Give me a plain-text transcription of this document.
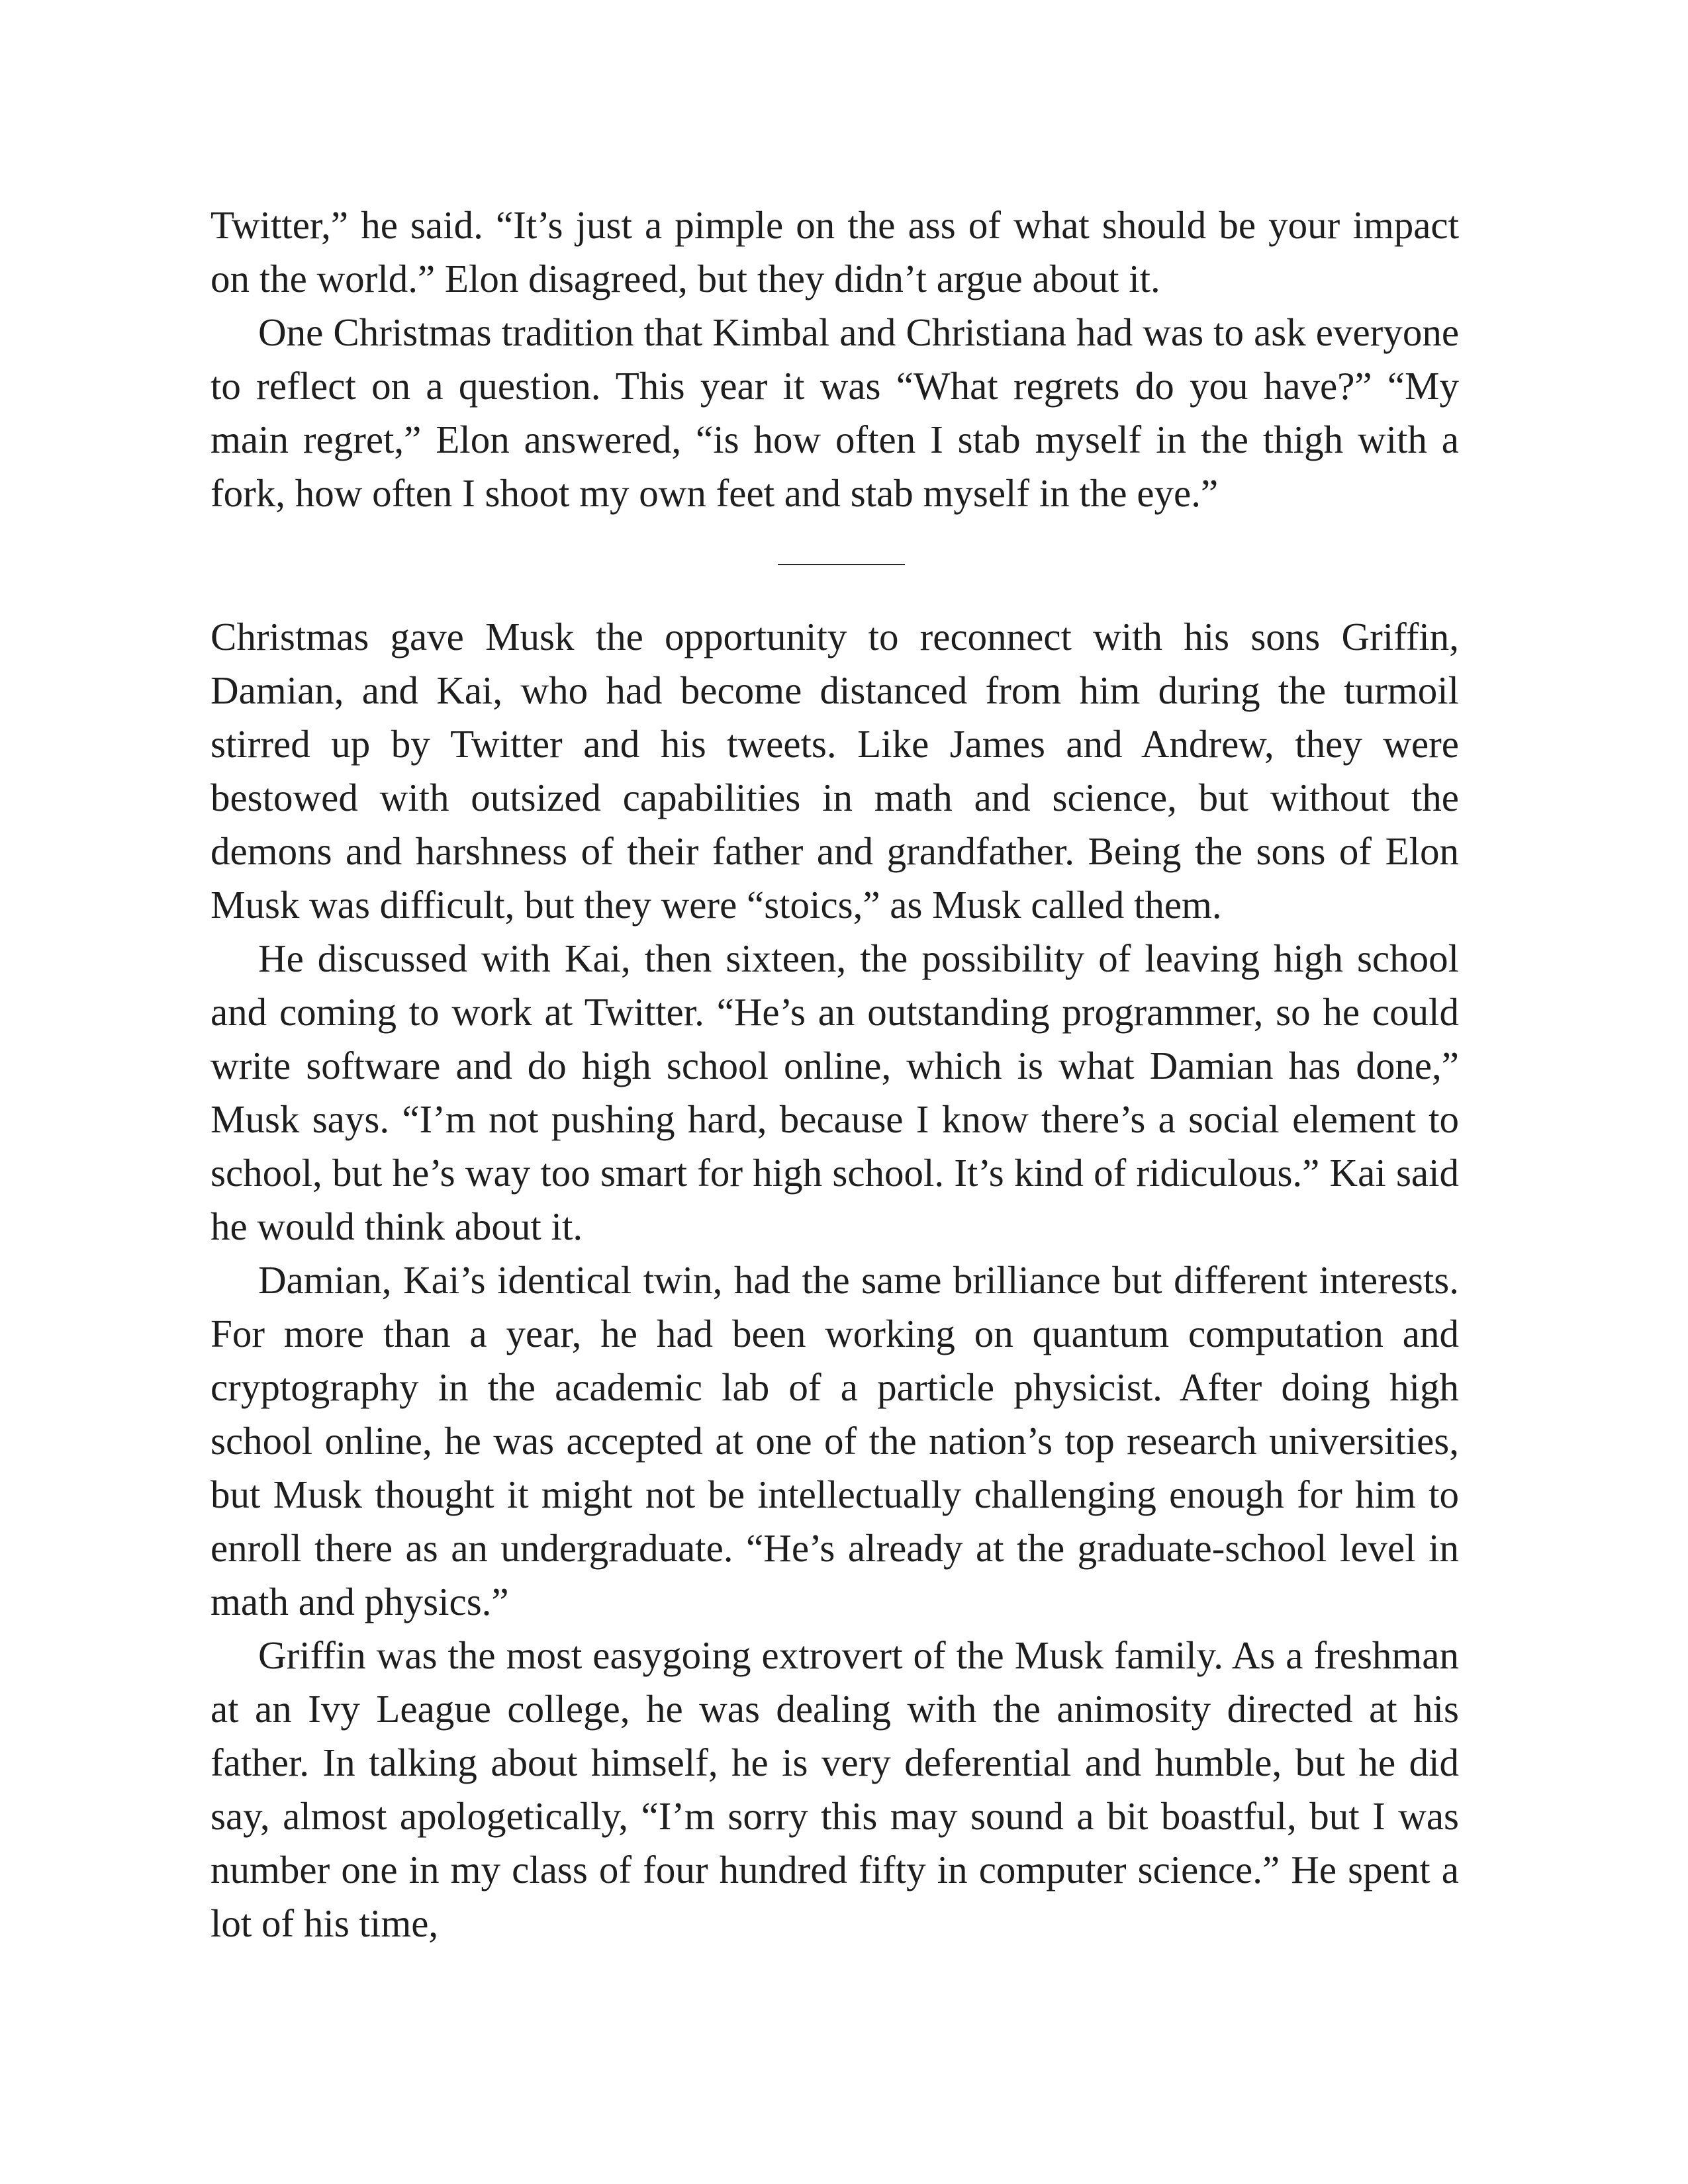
Twitter,” he said. “It’s just a pimple on the ass of what should be your impact on the world.” Elon disagreed, but they didn’t argue about it.

One Christmas tradition that Kimbal and Christiana had was to ask everyone to reflect on a question. This year it was “What regrets do you have?” “My main regret,” Elon answered, “is how often I stab myself in the thigh with a fork, how often I shoot my own feet and stab myself in the eye.”

Christmas gave Musk the opportunity to reconnect with his sons Griffin, Damian, and Kai, who had become distanced from him during the turmoil stirred up by Twitter and his tweets. Like James and Andrew, they were bestowed with outsized capabilities in math and science, but without the demons and harshness of their father and grandfather. Being the sons of Elon Musk was difficult, but they were “stoics,” as Musk called them.

He discussed with Kai, then sixteen, the possibility of leaving high school and coming to work at Twitter. “He’s an outstanding programmer, so he could write software and do high school online, which is what Damian has done,” Musk says. “I’m not pushing hard, because I know there’s a social element to school, but he’s way too smart for high school. It’s kind of ridiculous.” Kai said he would think about it.

Damian, Kai’s identical twin, had the same brilliance but different interests. For more than a year, he had been working on quantum computation and cryptography in the academic lab of a particle physicist. After doing high school online, he was accepted at one of the nation’s top research universities, but Musk thought it might not be intellectually challenging enough for him to enroll there as an undergraduate. “He’s already at the graduate-school level in math and physics.”

Griffin was the most easygoing extrovert of the Musk family. As a freshman at an Ivy League college, he was dealing with the animosity directed at his father. In talking about himself, he is very deferential and humble, but he did say, almost apologetically, “I’m sorry this may sound a bit boastful, but I was number one in my class of four hundred fifty in computer science.” He spent a lot of his time,
